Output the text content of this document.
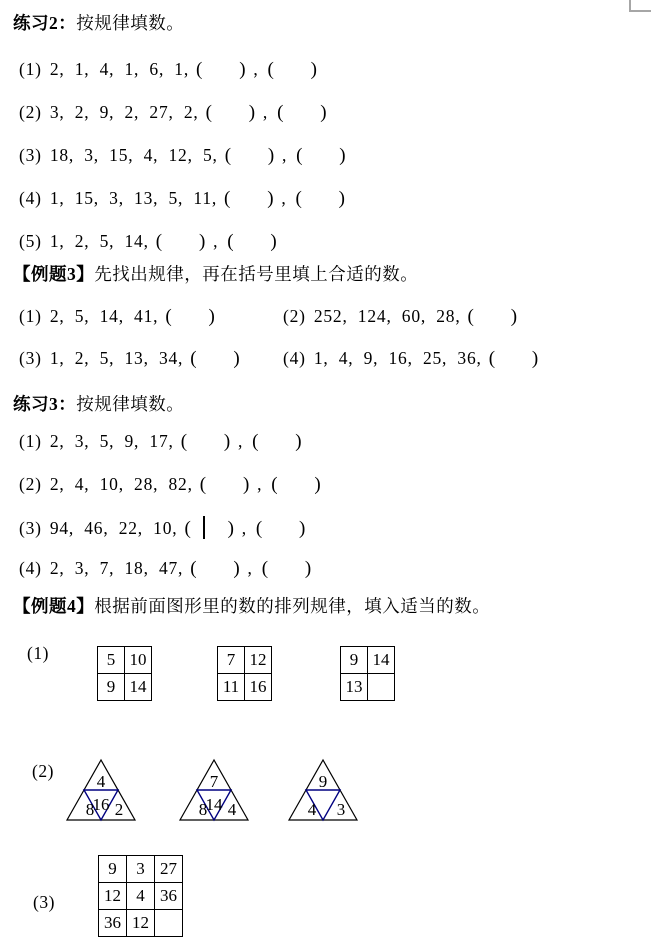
练习2：按规律填数。
【例题3】先找出规律，再在括号里填上合适的数。
练习3：按规律填数。
【例题4】根据前面图形里的数的排列规律，填入适当的数。
(1)
(2)
(3)
(1) 2, 1, 4, 1, 6, 1, ( ) , ( )
(2) 3, 2, 9, 2, 27, 2, ( ) , ( )
(3) 18, 3, 15, 4, 12, 5, ( ) , ( )
(4) 1, 15, 3, 13, 5, 11, ( ) , ( )
(5) 1, 2, 5, 14, ( ) , ( )
(1) 2, 5, 14, 41, ( )	(2) 252, 124, 60, 28, ( )
(3) 1, 2, 5, 13, 34, ( ) (4) 1, 4, 9, 16, 25, 36, ( )
(1) 2, 3, 5, 9, 17, ( ) , ( )
(2) 2, 4, 10, 28, 82, ( ) , ( )
(3) 94, 46, 22, 10, ( ) , ( )
(4) 2, 3, 7, 18, 47, ( ) , ( )
5	10
9	14
7	12
11	16
9	14
13	
4
8
16 2
7
8
14 4
9
4 3
9	3	27
12	4	36
36	12	
